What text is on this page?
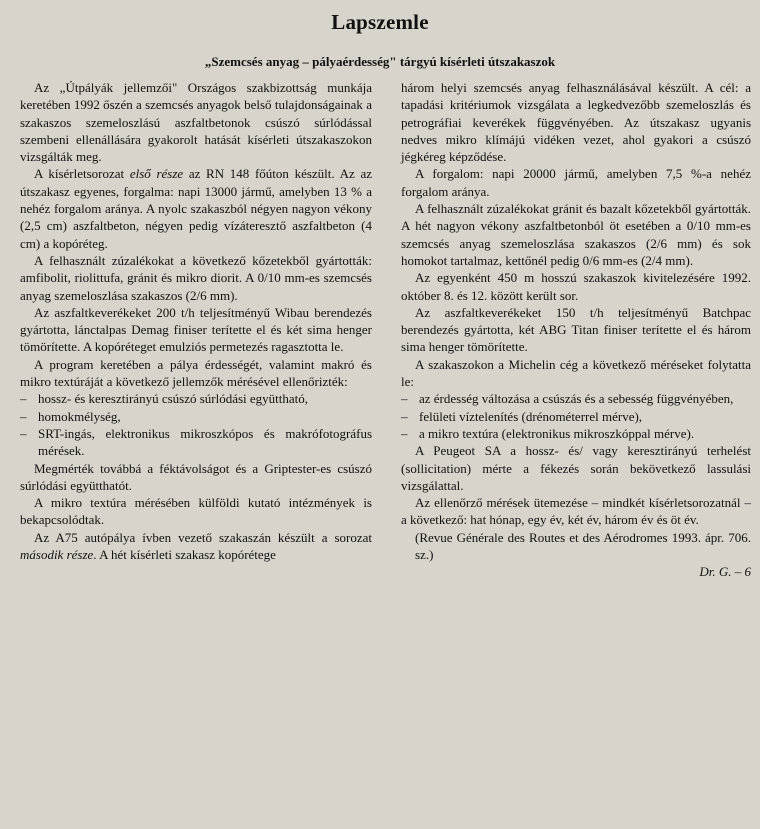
Lapszemle
„Szemcsés anyag – pályaérdesség" tárgyú kísérleti útszakaszok

Az „Útpályák jellemzői" Országos szakbizottság munkája keretében 1992 őszén a szemcsés anyagok belső tulajdonságainak a szakaszos szemeloszlású aszfaltbetonok csúszó súrlódással szembeni ellenállására gyakorolt hatását kísérleti útszakaszokon vizsgálták meg.

A kísérletsorozat első része az RN 148 főúton készült. Az az útszakasz egyenes, forgalma: napi 13000 jármű, amelyben 13 % a nehéz forgalom aránya. A nyolc szakaszból négyen nagyon vékony (2,5 cm) aszfaltbeton, négyen pedig vízáteresztő aszfaltbeton (4 cm) a kopóréteg.

A felhasznált zúzalékokat a következő kőzetekből gyártották: amfibolit, riolittufa, gránit és mikro diorit. A 0/10 mm-es szemcsés anyag szemeloszlása szakaszos (2/6 mm).

Az aszfaltkeverékeket 200 t/h teljesítményű Wibau berendezés gyártotta, lánctalpas Demag finiser terítette el és két sima henger tömörítette. A kopóréteget emulziós permetezés ragasztotta le.

A program keretében a pálya érdességét, valamint makró és mikro textúráját a következő jellemzők mérésével ellenőrizték:

– hossz- és keresztirányú csúszó súrlódási együttható,

– homokmélység,

– SRT-ingás, elektronikus mikroszkópos és makrófotográfus mérések.

Megmérték továbbá a féktávolságot és a Griptester-es csúszó súrlódási együtthatót.

A mikro textúra mérésében külföldi kutató intézmények is bekapcsolódtak.

Az A75 autópálya ívben vezető szakaszán készült a sorozat második része. A hét kísérleti szakasz kopórétege

három helyi szemcsés anyag felhasználásával készült. A cél: a tapadási kritériumok vizsgálata a legkedvezőbb szemeloszlás és petrográfiai keverékek függvényében. Az útszakasz ugyanis nedves mikro klímájú vidéken vezet, ahol gyakori a csúszó jégkéreg képződése.

A forgalom: napi 20000 jármű, amelyben 7,5 %-a nehéz forgalom aránya.

A felhasznált zúzalékokat gránit és bazalt kőzetekből gyártották. A hét nagyon vékony aszfaltbetonból öt esetében a 0/10 mm-es szemcsés anyag szemeloszlása szakaszos (2/6 mm) és sok homokot tartalmaz, kettőnél pedig 0/6 mm-es (2/4 mm).

Az egyenként 450 m hosszú szakaszok kivitelezésére 1992. október 8. és 12. között került sor.

Az aszfaltkeverékeket 150 t/h teljesítményű Batchpac berendezés gyártotta, két ABG Titan finiser terítette el és három sima henger tömörítette.

A szakaszokon a Michelin cég a következő méréseket folytatta le:

– az érdesség változása a csúszás és a sebesség függvényében,

– felületi víztelenítés (drénométerrel mérve),

– a mikro textúra (elektronikus mikroszkóppal mérve).

A Peugeot SA a hossz- és/ vagy keresztirányú terhelést (sollicitation) mérte a fékezés során bekövetkező lassulási vizsgálattal.

Az ellenőrző mérések ütemezése – mindkét kísérletsorozatnál – a következő: hat hónap, egy év, két év, három év és öt év.

(Revue Générale des Routes et des Aérodromes 1993. ápr. 706. sz.)

Dr. G. – 6
